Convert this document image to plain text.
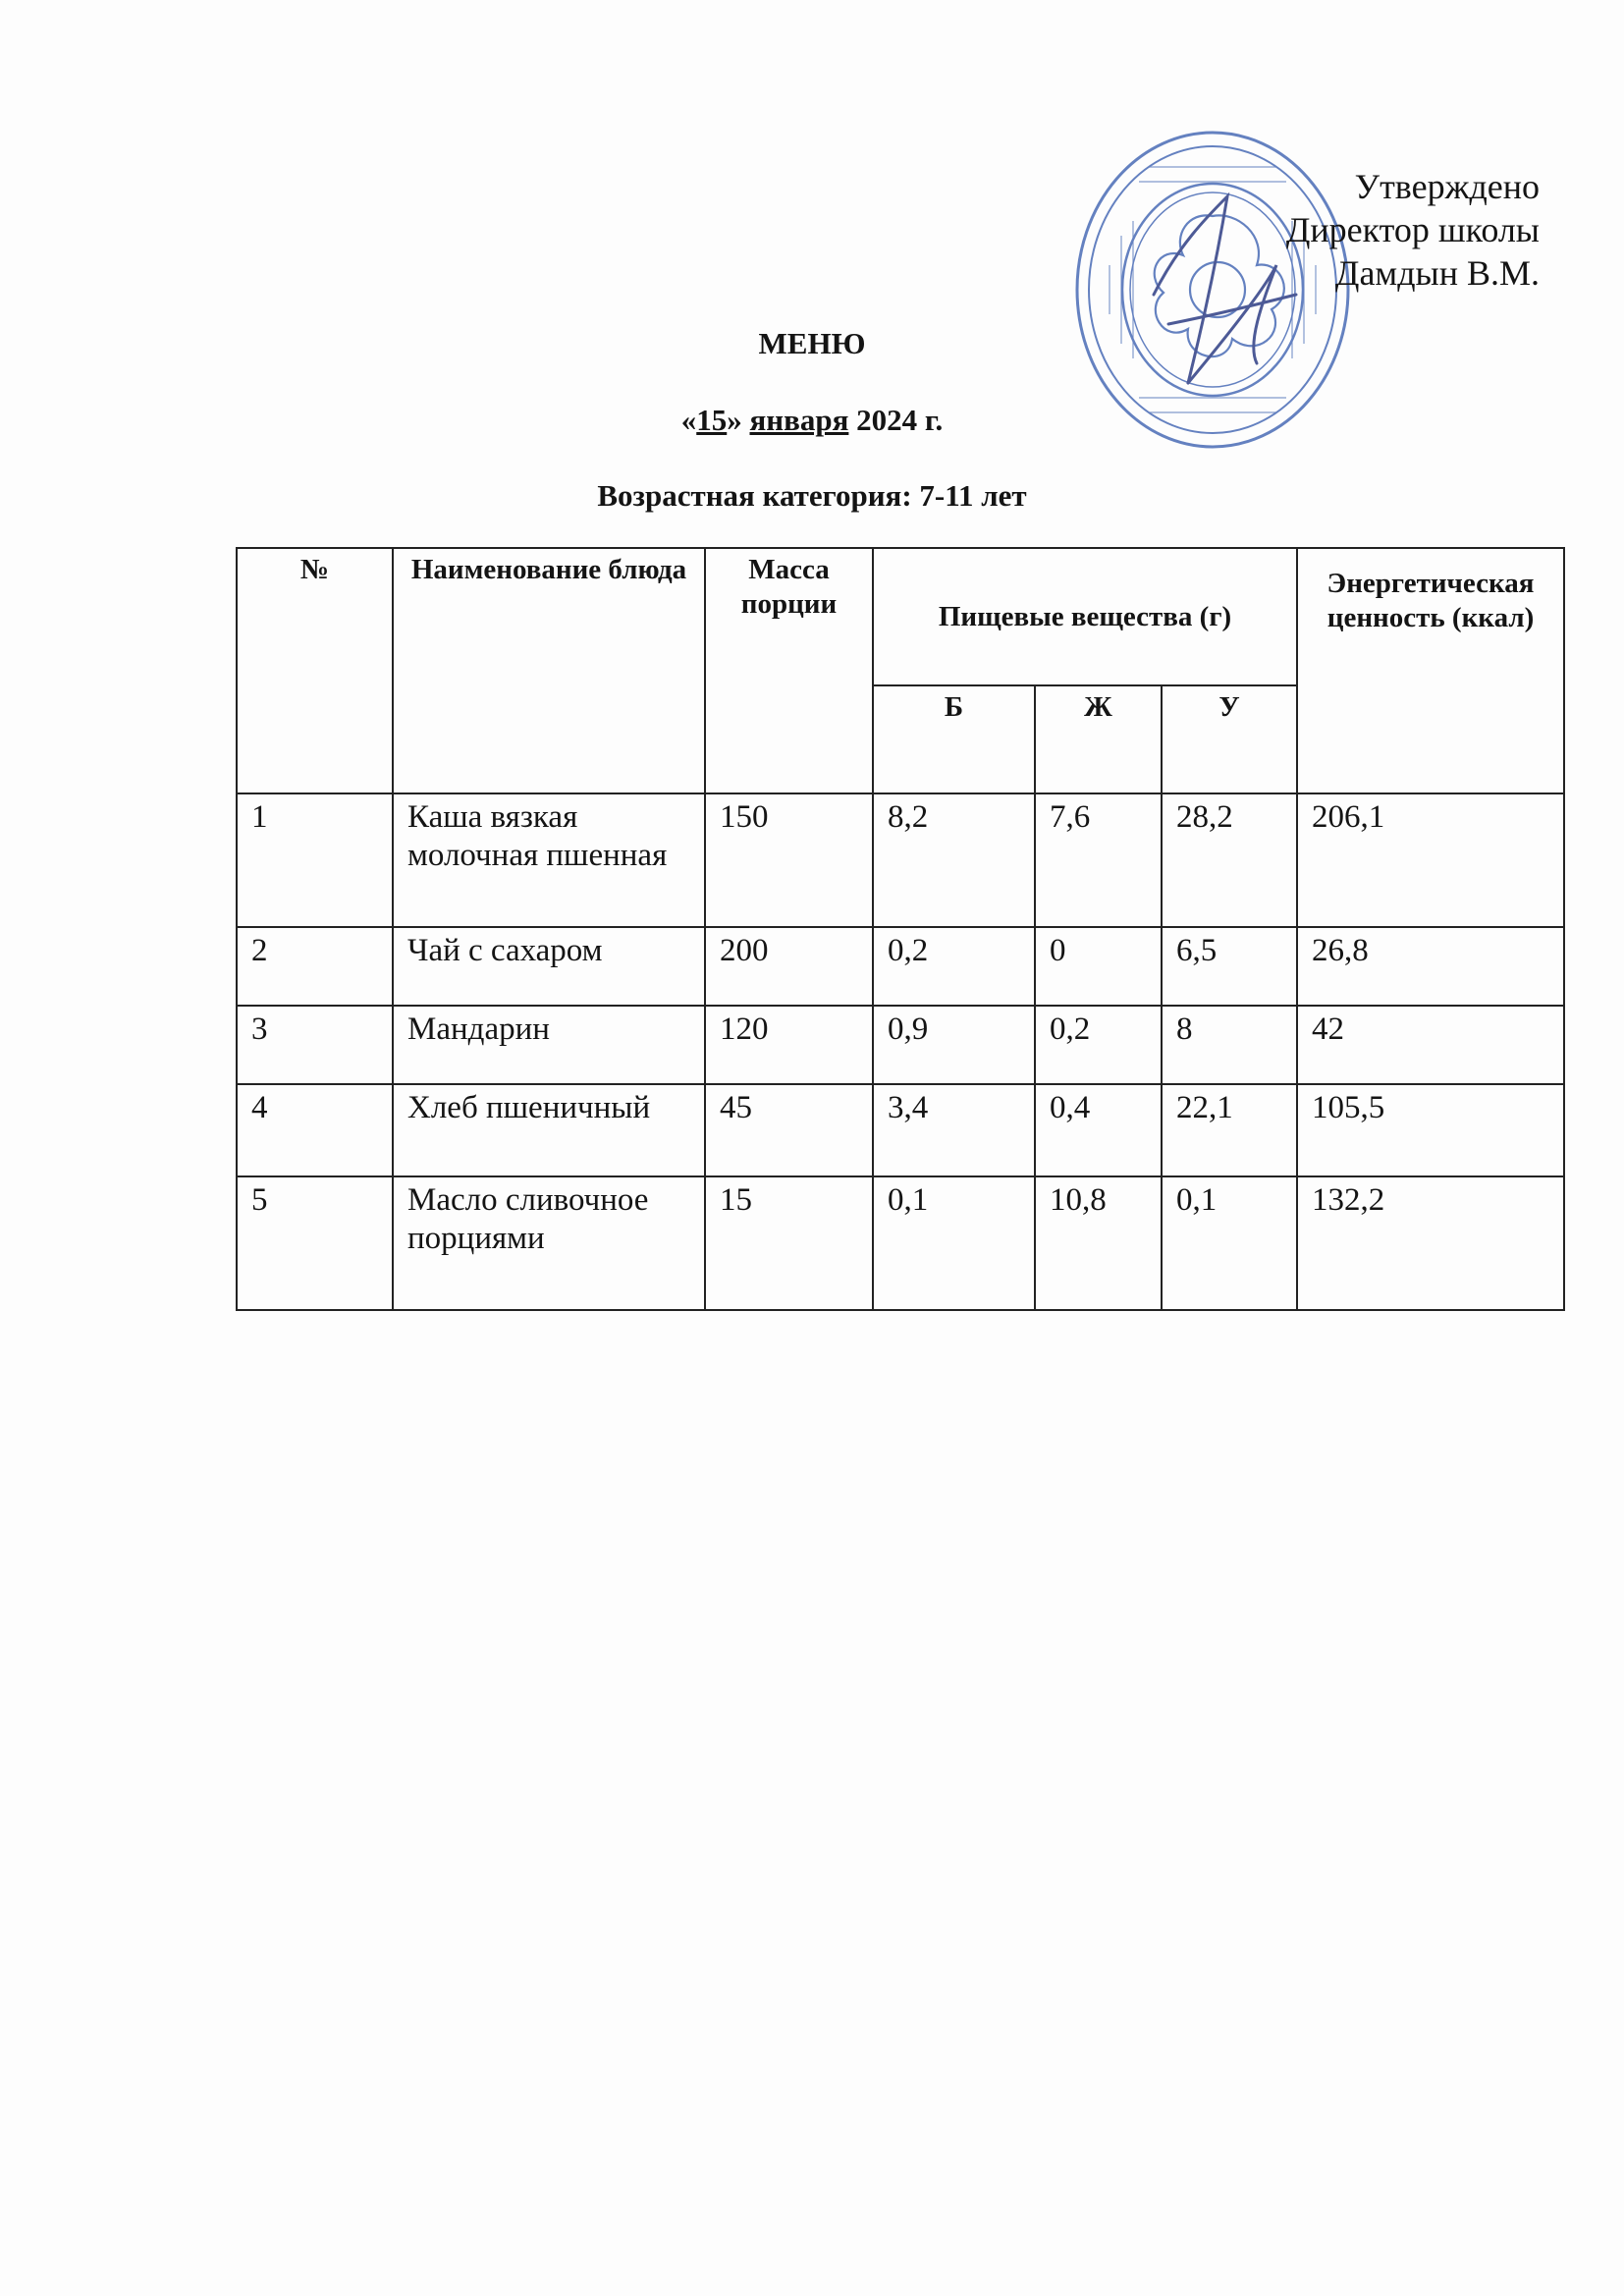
Утверждено
Директор школы
Дамдын В.М.
МЕНЮ
«15» января 2024 г.
Возрастная категория: 7-11 лет
№	Наименование блюда	Масса порции	Пищевые вещества (г)			Энергетическая ценность (ккал)
			Б	Ж	У	
1	Каша вязкая молочная пшенная	150	8,2	7,6	28,2	206,1
2	Чай с сахаром	200	0,2	0	6,5	26,8
3	Мандарин	120	0,9	0,2	8	42
4	Хлеб пшеничный	45	3,4	0,4	22,1	105,5
5	Масло сливочное порциями	15	0,1	10,8	0,1	132,2
